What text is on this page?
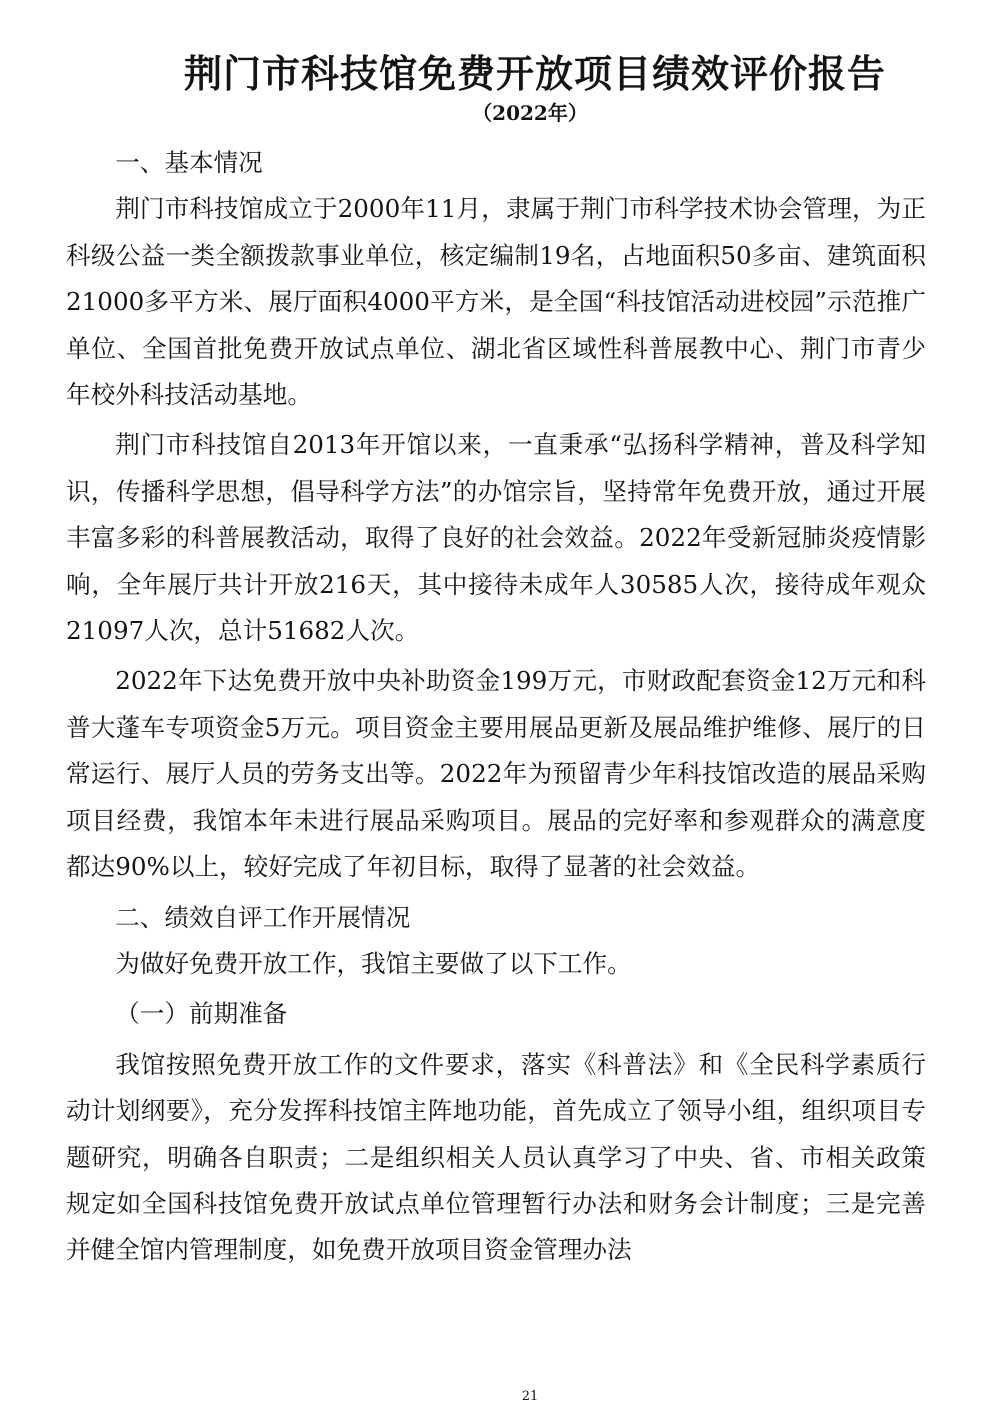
荆门市科技馆免费开放项目绩效评价报告
（2022年）

一、基本情况

荆门市科技馆成立于2000年11月，隶属于荆门市科学技术协会管理，为正科级公益一类全额拨款事业单位，核定编制19名，占地面积50多亩、建筑面积21000多平方米、展厅面积4000平方米，是全国“科技馆活动进校园”示范推广单位、全国首批免费开放试点单位、湖北省区域性科普展教中心、荆门市青少年校外科技活动基地。

荆门市科技馆自2013年开馆以来，一直秉承“弘扬科学精神，普及科学知识，传播科学思想，倡导科学方法”的办馆宗旨，坚持常年免费开放，通过开展丰富多彩的科普展教活动，取得了良好的社会效益。2022年受新冠肺炎疫情影响，全年展厅共计开放216天，其中接待未成年人30585人次，接待成年观众21097人次，总计51682人次。

2022年下达免费开放中央补助资金199万元，市财政配套资金12万元和科普大蓬车专项资金5万元。项目资金主要用展品更新及展品维护维修、展厅的日常运行、展厅人员的劳务支出等。2022年为预留青少年科技馆改造的展品采购项目经费，我馆本年未进行展品采购项目。展品的完好率和参观群众的满意度都达90%以上，较好完成了年初目标，取得了显著的社会效益。

二、绩效自评工作开展情况

为做好免费开放工作，我馆主要做了以下工作。

（一）前期准备

我馆按照免费开放工作的文件要求，落实《科普法》和《全民科学素质行动计划纲要》，充分发挥科技馆主阵地功能，首先成立了领导小组，组织项目专题研究，明确各自职责；二是组织相关人员认真学习了中央、省、市相关政策规定如全国科技馆免费开放试点单位管理暂行办法和财务会计制度；三是完善并健全馆内管理制度，如免费开放项目资金管理办法

21
